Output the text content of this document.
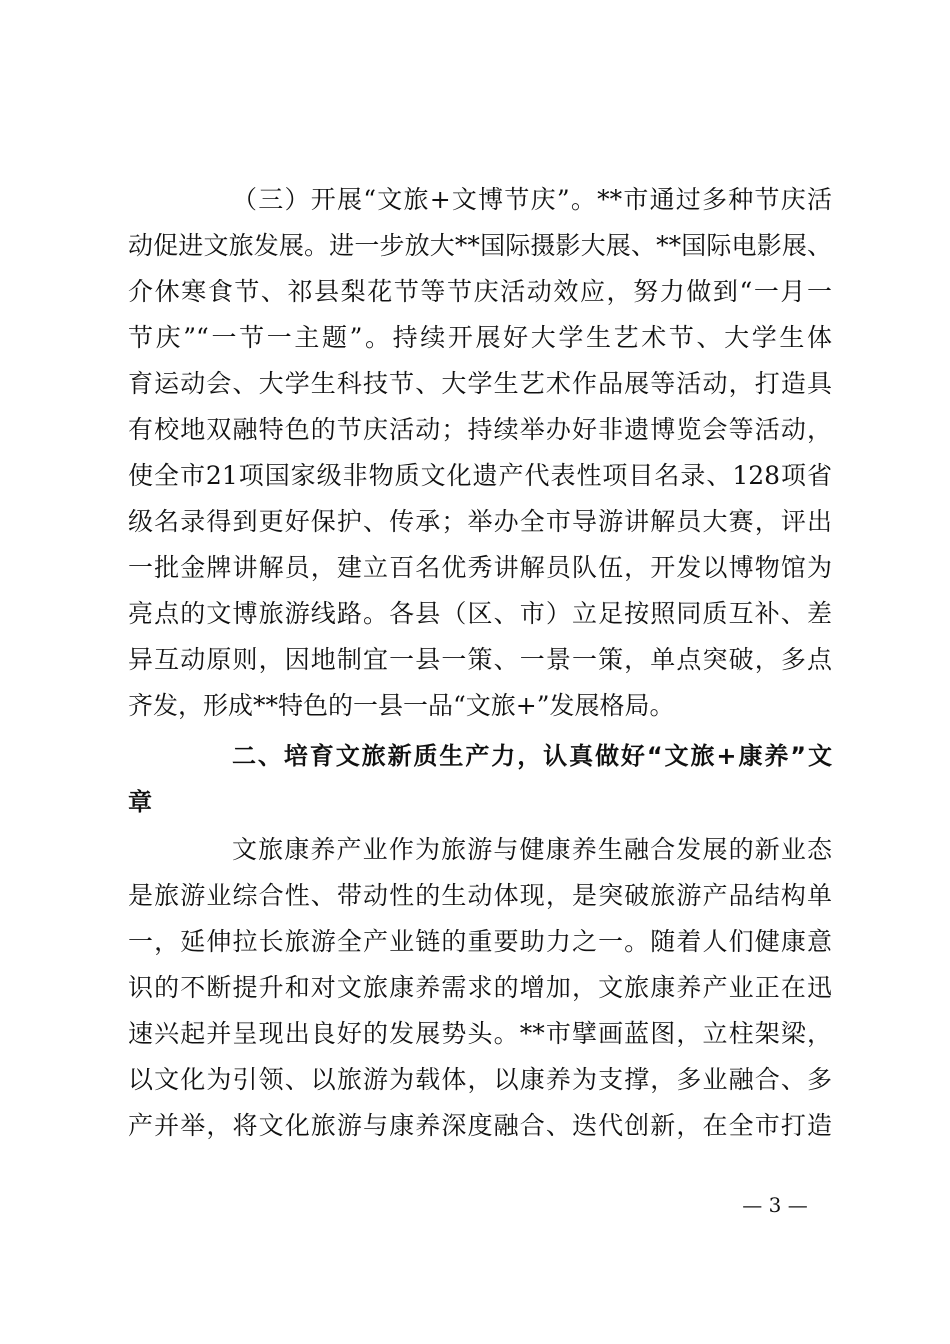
（三）开展“文旅+文博节庆”。**市通过多种节庆活
动促进文旅发展。进一步放大**国际摄影大展、**国际电影展、
介休寒食节、祁县梨花节等节庆活动效应，努力做到“一月一
节庆”“一节一主题”。持续开展好大学生艺术节、大学生体
育运动会、大学生科技节、大学生艺术作品展等活动，打造具
有校地双融特色的节庆活动；持续举办好非遗博览会等活动，
使全市21项国家级非物质文化遗产代表性项目名录、128项省
级名录得到更好保护、传承；举办全市导游讲解员大赛，评出
一批金牌讲解员，建立百名优秀讲解员队伍，开发以博物馆为
亮点的文博旅游线路。各县（区、市）立足按照同质互补、差
异互动原则，因地制宜一县一策、一景一策，单点突破，多点
齐发，形成**特色的一县一品“文旅+”发展格局。
二、培育文旅新质生产力，认真做好“文旅+康养”文
章
文旅康养产业作为旅游与健康养生融合发展的新业态
是旅游业综合性、带动性的生动体现，是突破旅游产品结构单
一，延伸拉长旅游全产业链的重要助力之一。随着人们健康意
识的不断提升和对文旅康养需求的增加，文旅康养产业正在迅
速兴起并呈现出良好的发展势头。**市擘画蓝图，立柱架梁，
以文化为引领、以旅游为载体，以康养为支撑，多业融合、多
产并举，将文化旅游与康养深度融合、迭代创新，在全市打造
— 3 —
